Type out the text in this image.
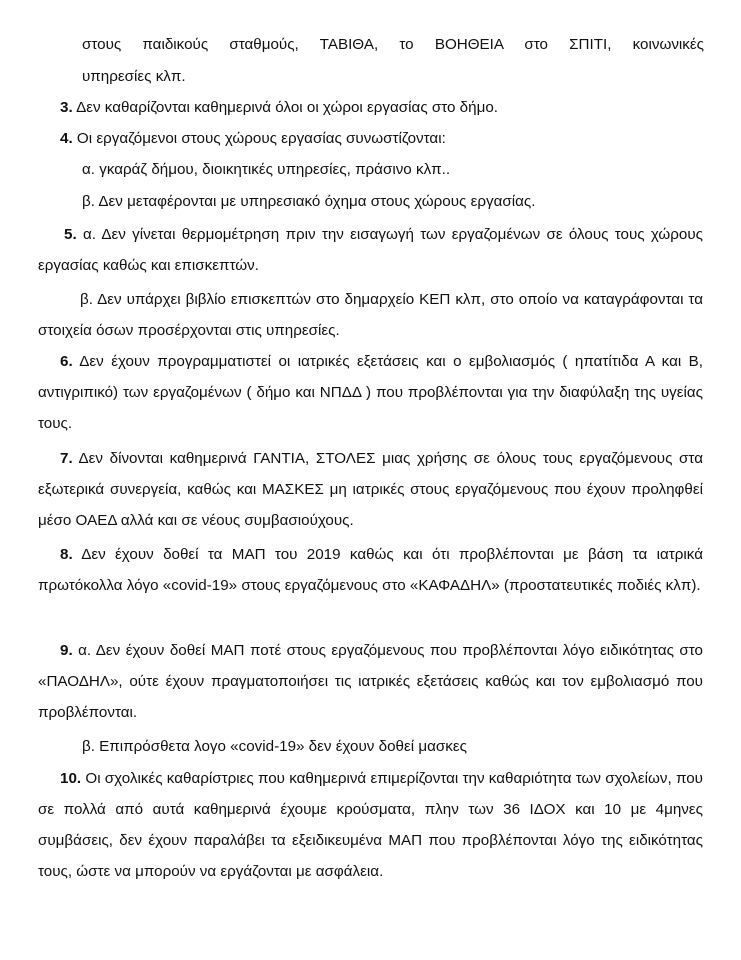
στους παιδικούς σταθμούς, ΤΑΒΙΘΑ, το ΒΟΗΘΕΙΑ στο ΣΠΙΤΙ, κοινωνικές

υπηρεσίες κλπ.
3. Δεν καθαρίζονται καθημερινά όλοι οι χώροι εργασίας στο δήμο.
4. Οι εργαζόμενοι στους χώρους εργασίας συνωστίζονται:
α. γκαράζ δήμου, διοικητικές υπηρεσίες, πράσινο κλπ..
β. Δεν μεταφέρονται με υπηρεσιακό όχημα στους χώρους εργασίας.

5. α. Δεν γίνεται θερμομέτρηση πριν την εισαγωγή των εργαζομένων σε όλους τους χώρους εργασίας καθώς και επισκεπτών.

β. Δεν υπάρχει βιβλίο επισκεπτών στο δημαρχείο ΚΕΠ κλπ, στο οποίο να καταγράφονται τα στοιχεία όσων προσέρχονται στις υπηρεσίες.

6. Δεν έχουν προγραμματιστεί οι ιατρικές εξετάσεις και ο εμβολιασμός ( ηπατίτιδα Α και Β, αντιγριπικό) των εργαζομένων ( δήμο και ΝΠΔΔ ) που προβλέπονται για την διαφύλαξη της υγείας τους.

7. Δεν δίνονται καθημερινά ΓΑΝΤΙΑ, ΣΤΟΛΕΣ μιας χρήσης σε όλους τους εργαζόμενους στα εξωτερικά συνεργεία, καθώς και ΜΑΣΚΕΣ μη ιατρικές στους εργαζόμενους που έχουν προληφθεί μέσο ΟΑΕΔ αλλά και σε νέους συμβασιούχους.

8. Δεν έχουν δοθεί τα ΜΑΠ του 2019 καθώς και ότι προβλέπονται με βάση τα ιατρικά πρωτόκολλα λόγο «covid-19» στους εργαζόμενους στο «ΚΑΦΑΔΗΛ» (προστατευτικές ποδιές κλπ).

9. α. Δεν έχουν δοθεί ΜΑΠ ποτέ στους εργαζόμενους που προβλέπονται λόγο ειδικότητας στο «ΠΑΟΔΗΛ», ούτε έχουν πραγματοποιήσει τις ιατρικές εξετάσεις καθώς και τον εμβολιασμό που προβλέπονται.

β. Επιπρόσθετα λογο «covid-19» δεν έχουν δοθεί μασκες

10. Οι σχολικές καθαρίστριες που καθημερινά επιμερίζονται την καθαριότητα των σχολείων, που σε πολλά από αυτά καθημερινά έχουμε κρούσματα, πλην των 36 ΙΔΟΧ και 10 με 4μηνες συμβάσεις, δεν έχουν παραλάβει τα εξειδικευμένα ΜΑΠ που προβλέπονται λόγο της ειδικότητας τους, ώστε να μπορούν να εργάζονται με ασφάλεια.
